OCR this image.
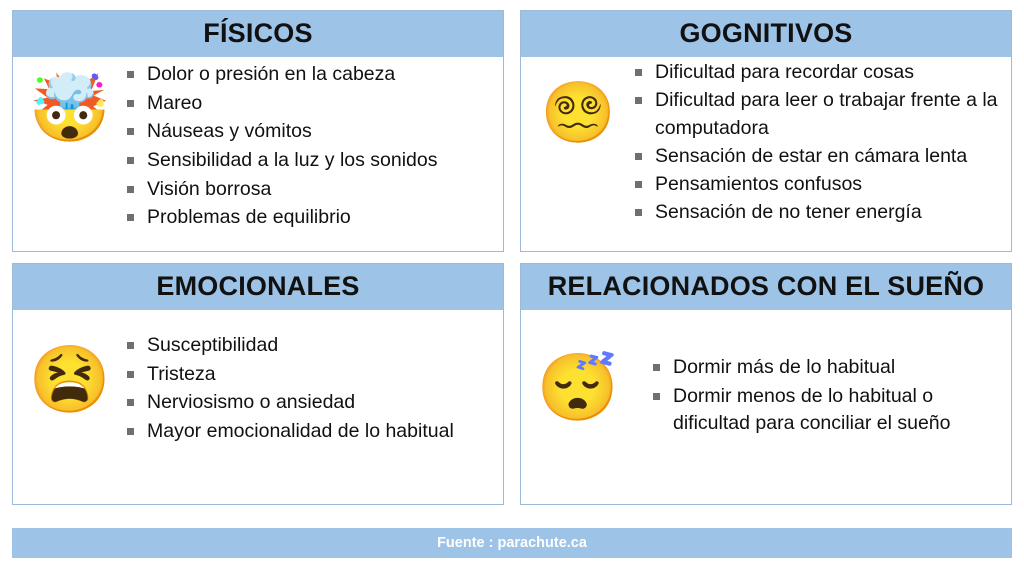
FÍSICOS
🤯	Dolor o presión en la cabeza
Mareo
Náuseas y vómitos
Sensibilidad a la luz y los sonidos
Visión borrosa
Problemas de equilibrio
GOGNITIVOS
😵‍💫
Dificultad para recordar cosas
Dificultad para leer o trabajar frente a la computadora
Sensación de estar en cámara lenta
Pensamientos confusos
Sensación de no tener energía
EMOCIONALES
😫	Susceptibilidad
Tristeza
Nerviosismo o ansiedad
Mayor emocionalidad de lo habitual
RELACIONADOS CON EL SUEÑO
😴	Dormir más de lo habitual
Dormir menos de lo habitual o dificultad para conciliar el sueño
Fuente : parachute.ca
